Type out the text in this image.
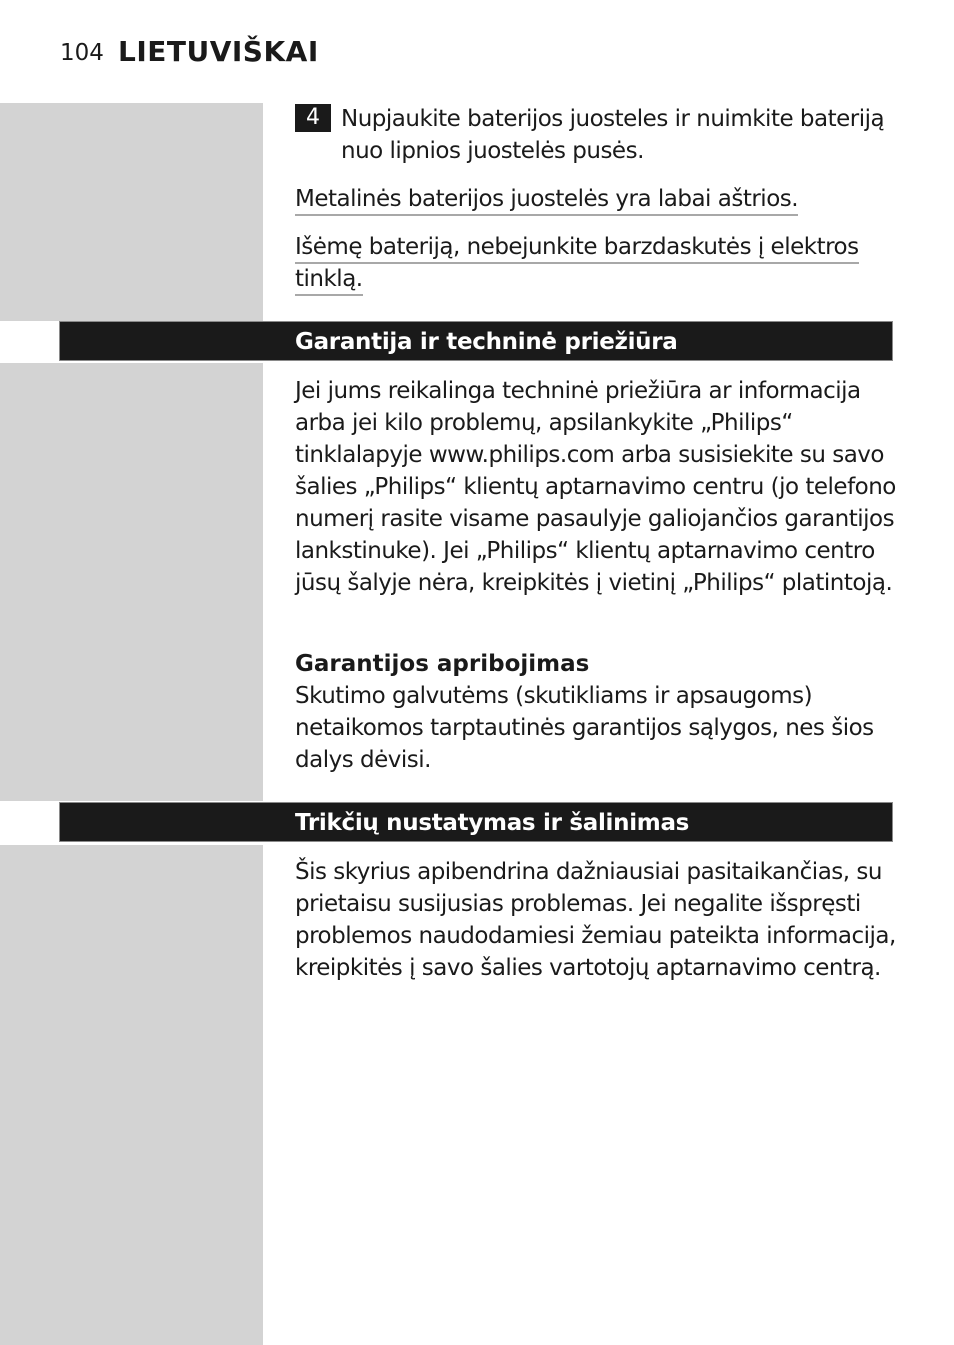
104 LIETUVIŠKAI
4 Nupjaukite baterijos juosteles ir nuimkite bateriją nuo lipnios juostelės pusės.
Metalinės baterijos juostelės yra labai aštrios.
Išėmę bateriją, nebejunkite barzdaskutės į elektros tinklą.
Garantija ir techninė priežiūra
Jei jums reikalinga techninė priežiūra ar informacija arba jei kilo problemų, apsilankykite „Philips“ tinklalapyje www.philips.com arba susisiekite su savo šalies „Philips“ klientų aptarnavimo centru (jo telefono numerį rasite visame pasaulyje galiojančios garantijos lankstinuke). Jei „Philips“ klientų aptarnavimo centro jūsų šalyje nėra, kreipkitės į vietinį „Philips“ platintoją.
Garantijos apribojimas
Skutimo galvutėms (skutikliams ir apsaugoms) netaikomos tarptautinės garantijos sąlygos, nes šios dalys dėvisi.
Trikčių nustatymas ir šalinimas
Šis skyrius apibendrina dažniausiai pasitaikančias, su prietaisu susijusias problemas. Jei negalite išspręsti problemos naudodamiesi žemiau pateikta informacija, kreipkitės į savo šalies vartotojų aptarnavimo centrą.
